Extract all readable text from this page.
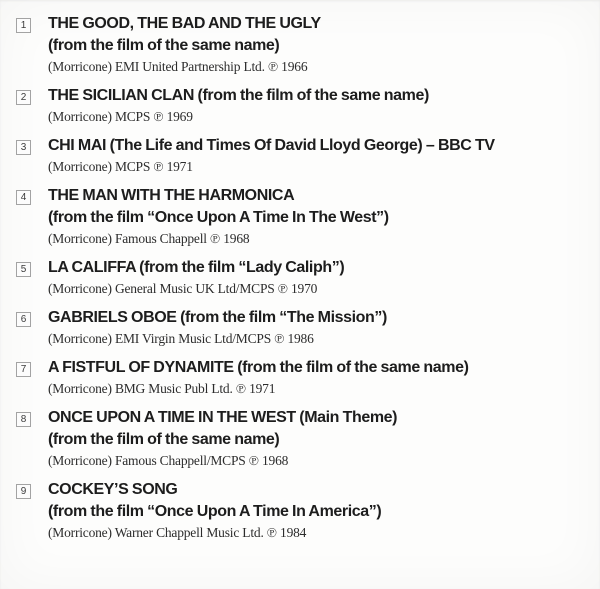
1 THE GOOD, THE BAD AND THE UGLY
(from the film of the same name)
(Morricone) EMI United Partnership Ltd. ℗ 1966
2 THE SICILIAN CLAN (from the film of the same name)
(Morricone) MCPS ℗ 1969
3 CHI MAI (The Life and Times Of David Lloyd George) – BBC TV
(Morricone) MCPS ℗ 1971
4 THE MAN WITH THE HARMONICA
(from the film “Once Upon A Time In The West”)
(Morricone) Famous Chappell ℗ 1968
5 LA CALIFFA (from the film “Lady Caliph”)
(Morricone) General Music UK Ltd/MCPS ℗ 1970
6 GABRIELS OBOE (from the film “The Mission”)
(Morricone) EMI Virgin Music Ltd/MCPS ℗ 1986
7 A FISTFUL OF DYNAMITE (from the film of the same name)
(Morricone) BMG Music Publ Ltd. ℗ 1971
8 ONCE UPON A TIME IN THE WEST (Main Theme)
(from the film of the same name)
(Morricone) Famous Chappell/MCPS ℗ 1968
9 COCKEY’S SONG
(from the film “Once Upon A Time In America”)
(Morricone) Warner Chappell Music Ltd. ℗ 1984
